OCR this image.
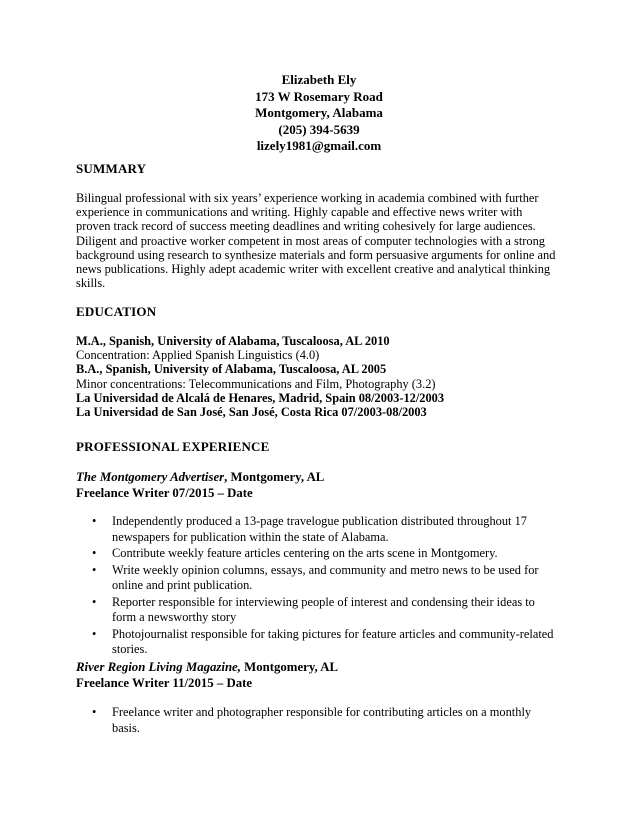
Elizabeth Ely
173 W Rosemary Road
Montgomery, Alabama
(205) 394-5639
lizely1981@gmail.com
SUMMARY
Bilingual professional with six years’ experience working in academia combined with further
experience in communications and writing. Highly capable and effective news writer with
proven track record of success meeting deadlines and writing cohesively for large audiences.
Diligent and proactive worker competent in most areas of computer technologies with a strong
background using research to synthesize materials and form persuasive arguments for online and
news publications. Highly adept academic writer with excellent creative and analytical thinking
skills.
EDUCATION
M.A., Spanish, University of Alabama, Tuscaloosa, AL 2010
Concentration: Applied Spanish Linguistics (4.0)
B.A., Spanish, University of Alabama, Tuscaloosa, AL 2005
Minor concentrations: Telecommunications and Film, Photography (3.2)
La Universidad de Alcalá de Henares, Madrid, Spain 08/2003-12/2003
La Universidad de San José, San José, Costa Rica 07/2003-08/2003
PROFESSIONAL EXPERIENCE
The Montgomery Advertiser, Montgomery, AL
Freelance Writer 07/2015 – Date
• Independently produced a 13-page travelogue publication distributed throughout 17
newspapers for publication within the state of Alabama.
• Contribute weekly feature articles centering on the arts scene in Montgomery.
• Write weekly opinion columns, essays, and community and metro news to be used for
online and print publication.
• Reporter responsible for interviewing people of interest and condensing their ideas to
form a newsworthy story
• Photojournalist responsible for taking pictures for feature articles and community-related
stories.
River Region Living Magazine, Montgomery, AL
Freelance Writer 11/2015 – Date
• Freelance writer and photographer responsible for contributing articles on a monthly
basis.
